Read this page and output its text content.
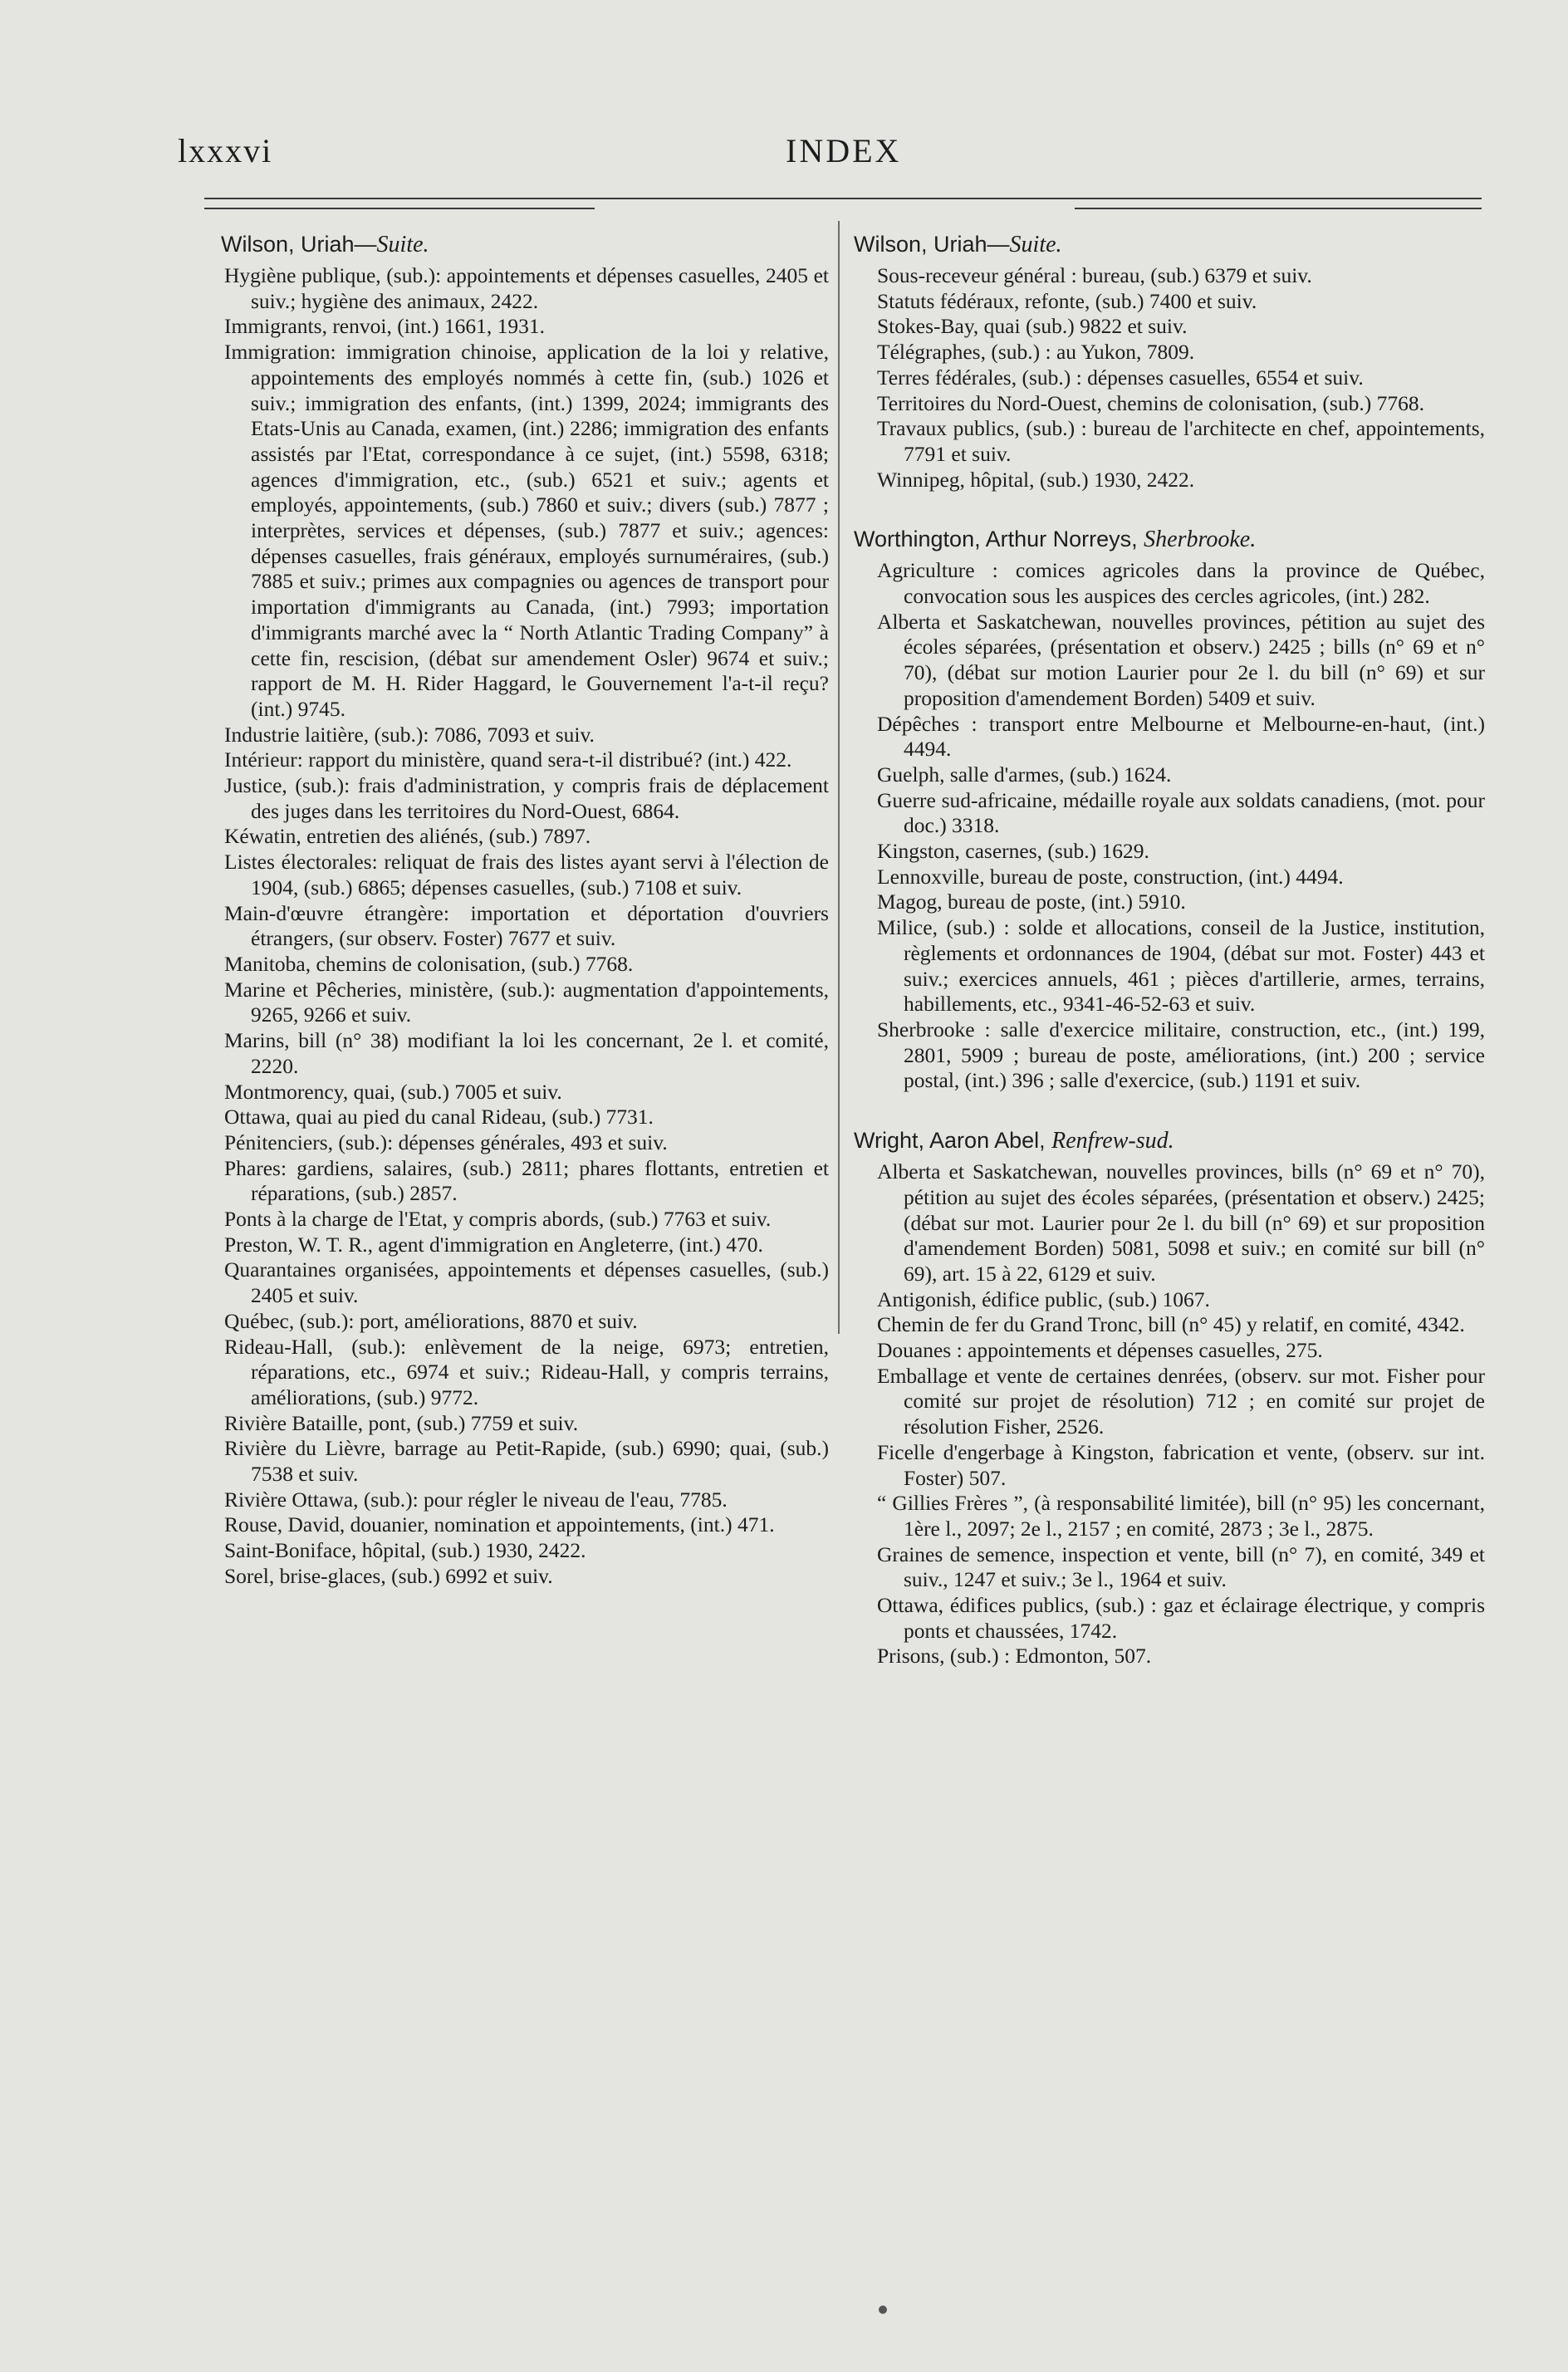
lxxxvi	INDEX

Wilson, Uriah—Suite.

Hygiène publique, (sub.): appointements et dépenses casuelles, 2405 et suiv.; hygiène des animaux, 2422.

Immigrants, renvoi, (int.) 1661, 1931.

Immigration: immigration chinoise, application de la loi y relative, appointements des employés nommés à cette fin, (sub.) 1026 et suiv.; immigration des enfants, (int.) 1399, 2024; immigrants des Etats-Unis au Canada, examen, (int.) 2286; immigration des enfants assistés par l'Etat, correspondance à ce sujet, (int.) 5598, 6318; agences d'immigration, etc., (sub.) 6521 et suiv.; agents et employés, appointements, (sub.) 7860 et suiv.; divers (sub.) 7877 ; interprètes, services et dépenses, (sub.) 7877 et suiv.; agences: dépenses casuelles, frais généraux, employés surnuméraires, (sub.) 7885 et suiv.; primes aux compagnies ou agences de transport pour importation d'immigrants au Canada, (int.) 7993; importation d'immigrants marché avec la “ North Atlantic Trading Company” à cette fin, rescision, (débat sur amendement Osler) 9674 et suiv.; rapport de M. H. Rider Haggard, le Gouvernement l'a-t-il reçu? (int.) 9745.

Industrie laitière, (sub.): 7086, 7093 et suiv.

Intérieur: rapport du ministère, quand sera-t-il distribué? (int.) 422.

Justice, (sub.): frais d'administration, y compris frais de déplacement des juges dans les territoires du Nord-Ouest, 6864.

Kéwatin, entretien des aliénés, (sub.) 7897.

Listes électorales: reliquat de frais des listes ayant servi à l'élection de 1904, (sub.) 6865; dépenses casuelles, (sub.) 7108 et suiv.

Main-d'œuvre étrangère: importation et déportation d'ouvriers étrangers, (sur observ. Foster) 7677 et suiv.

Manitoba, chemins de colonisation, (sub.) 7768.

Marine et Pêcheries, ministère, (sub.): augmentation d'appointements, 9265, 9266 et suiv.

Marins, bill (n° 38) modifiant la loi les concernant, 2e l. et comité, 2220.

Montmorency, quai, (sub.) 7005 et suiv.

Ottawa, quai au pied du canal Rideau, (sub.) 7731.

Pénitenciers, (sub.): dépenses générales, 493 et suiv.

Phares: gardiens, salaires, (sub.) 2811; phares flottants, entretien et réparations, (sub.) 2857.

Ponts à la charge de l'Etat, y compris abords, (sub.) 7763 et suiv.

Preston, W. T. R., agent d'immigration en Angleterre, (int.) 470.

Quarantaines organisées, appointements et dépenses casuelles, (sub.) 2405 et suiv.

Québec, (sub.): port, améliorations, 8870 et suiv.

Rideau-Hall, (sub.): enlèvement de la neige, 6973; entretien, réparations, etc., 6974 et suiv.; Rideau-Hall, y compris terrains, améliorations, (sub.) 9772.

Rivière Bataille, pont, (sub.) 7759 et suiv.

Rivière du Lièvre, barrage au Petit-Rapide, (sub.) 6990; quai, (sub.) 7538 et suiv.

Rivière Ottawa, (sub.): pour régler le niveau de l'eau, 7785.

Rouse, David, douanier, nomination et appointements, (int.) 471.

Saint-Boniface, hôpital, (sub.) 1930, 2422.

Sorel, brise-glaces, (sub.) 6992 et suiv.

Wilson, Uriah—Suite.

Sous-receveur général : bureau, (sub.) 6379 et suiv.

Statuts fédéraux, refonte, (sub.) 7400 et suiv.

Stokes-Bay, quai (sub.) 9822 et suiv.

Télégraphes, (sub.) : au Yukon, 7809.

Terres fédérales, (sub.) : dépenses casuelles, 6554 et suiv.

Territoires du Nord-Ouest, chemins de colonisation, (sub.) 7768.

Travaux publics, (sub.) : bureau de l'architecte en chef, appointements, 7791 et suiv.

Winnipeg, hôpital, (sub.) 1930, 2422.

Worthington, Arthur Norreys, Sherbrooke.

Agriculture : comices agricoles dans la province de Québec, convocation sous les auspices des cercles agricoles, (int.) 282.

Alberta et Saskatchewan, nouvelles provinces, pétition au sujet des écoles séparées, (présentation et observ.) 2425 ; bills (n° 69 et n° 70), (débat sur motion Laurier pour 2e l. du bill (n° 69) et sur proposition d'amendement Borden) 5409 et suiv.

Dépêches : transport entre Melbourne et Melbourne-en-haut, (int.) 4494.

Guelph, salle d'armes, (sub.) 1624.

Guerre sud-africaine, médaille royale aux soldats canadiens, (mot. pour doc.) 3318.

Kingston, casernes, (sub.) 1629.

Lennoxville, bureau de poste, construction, (int.) 4494.

Magog, bureau de poste, (int.) 5910.

Milice, (sub.) : solde et allocations, conseil de la Justice, institution, règlements et ordonnances de 1904, (débat sur mot. Foster) 443 et suiv.; exercices annuels, 461 ; pièces d'artillerie, armes, terrains, habillements, etc., 9341-46-52-63 et suiv.

Sherbrooke : salle d'exercice militaire, construction, etc., (int.) 199, 2801, 5909 ; bureau de poste, améliorations, (int.) 200 ; service postal, (int.) 396 ; salle d'exercice, (sub.) 1191 et suiv.

Wright, Aaron Abel, Renfrew-sud.

Alberta et Saskatchewan, nouvelles provinces, bills (n° 69 et n° 70), pétition au sujet des écoles séparées, (présentation et observ.) 2425; (débat sur mot. Laurier pour 2e l. du bill (n° 69) et sur proposition d'amendement Borden) 5081, 5098 et suiv.; en comité sur bill (n° 69), art. 15 à 22, 6129 et suiv.

Antigonish, édifice public, (sub.) 1067.

Chemin de fer du Grand Tronc, bill (n° 45) y relatif, en comité, 4342.

Douanes : appointements et dépenses casuelles, 275.

Emballage et vente de certaines denrées, (observ. sur mot. Fisher pour comité sur projet de résolution) 712 ; en comité sur projet de résolution Fisher, 2526.

Ficelle d'engerbage à Kingston, fabrication et vente, (observ. sur int. Foster) 507.

“ Gillies Frères ”, (à responsabilité limitée), bill (n° 95) les concernant, 1ère l., 2097; 2e l., 2157 ; en comité, 2873 ; 3e l., 2875.

Graines de semence, inspection et vente, bill (n° 7), en comité, 349 et suiv., 1247 et suiv.; 3e l., 1964 et suiv.

Ottawa, édifices publics, (sub.) : gaz et éclairage électrique, y compris ponts et chaussées, 1742.

Prisons, (sub.) : Edmonton, 507.
